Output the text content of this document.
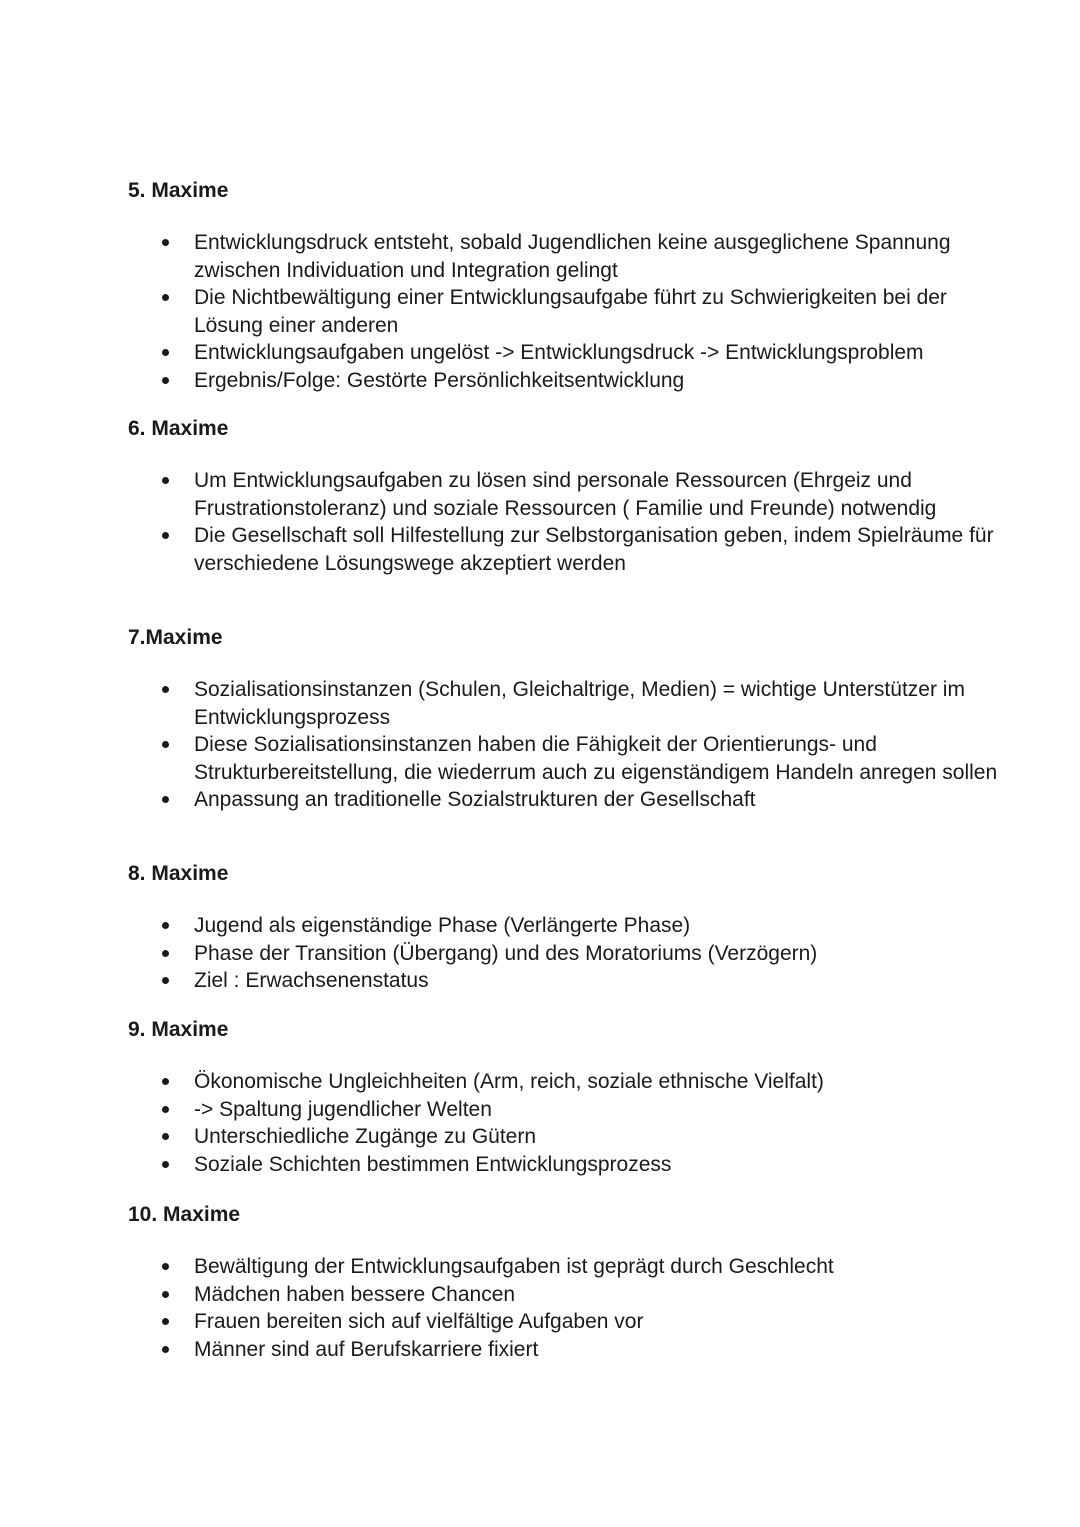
5. Maxime
Entwicklungsdruck entsteht, sobald Jugendlichen keine ausgeglichene Spannung zwischen Individuation und Integration gelingt
Die Nichtbewältigung einer Entwicklungsaufgabe führt zu Schwierigkeiten bei der Lösung einer anderen
Entwicklungsaufgaben ungelöst -> Entwicklungsdruck -> Entwicklungsproblem
Ergebnis/Folge: Gestörte Persönlichkeitsentwicklung
6. Maxime
Um Entwicklungsaufgaben zu lösen sind personale Ressourcen (Ehrgeiz und Frustrationstoleranz) und soziale Ressourcen ( Familie und Freunde) notwendig
Die Gesellschaft soll Hilfestellung zur Selbstorganisation geben, indem Spielräume für verschiedene Lösungswege akzeptiert werden
7.Maxime
Sozialisationsinstanzen (Schulen, Gleichaltrige, Medien) = wichtige Unterstützer im Entwicklungsprozess
Diese Sozialisationsinstanzen haben die Fähigkeit der Orientierungs- und Strukturbereitstellung, die wiederrum auch zu eigenständigem Handeln anregen sollen
Anpassung an traditionelle Sozialstrukturen der Gesellschaft
8. Maxime
Jugend als eigenständige Phase (Verlängerte Phase)
Phase der Transition (Übergang) und des Moratoriums (Verzögern)
Ziel : Erwachsenenstatus
9. Maxime
Ökonomische Ungleichheiten (Arm, reich, soziale ethnische Vielfalt)
-> Spaltung jugendlicher Welten
Unterschiedliche Zugänge zu Gütern
Soziale Schichten bestimmen Entwicklungsprozess
10. Maxime
Bewältigung der Entwicklungsaufgaben ist geprägt durch Geschlecht
Mädchen haben bessere Chancen
Frauen bereiten sich auf vielfältige Aufgaben vor
Männer sind auf Berufskarriere fixiert
